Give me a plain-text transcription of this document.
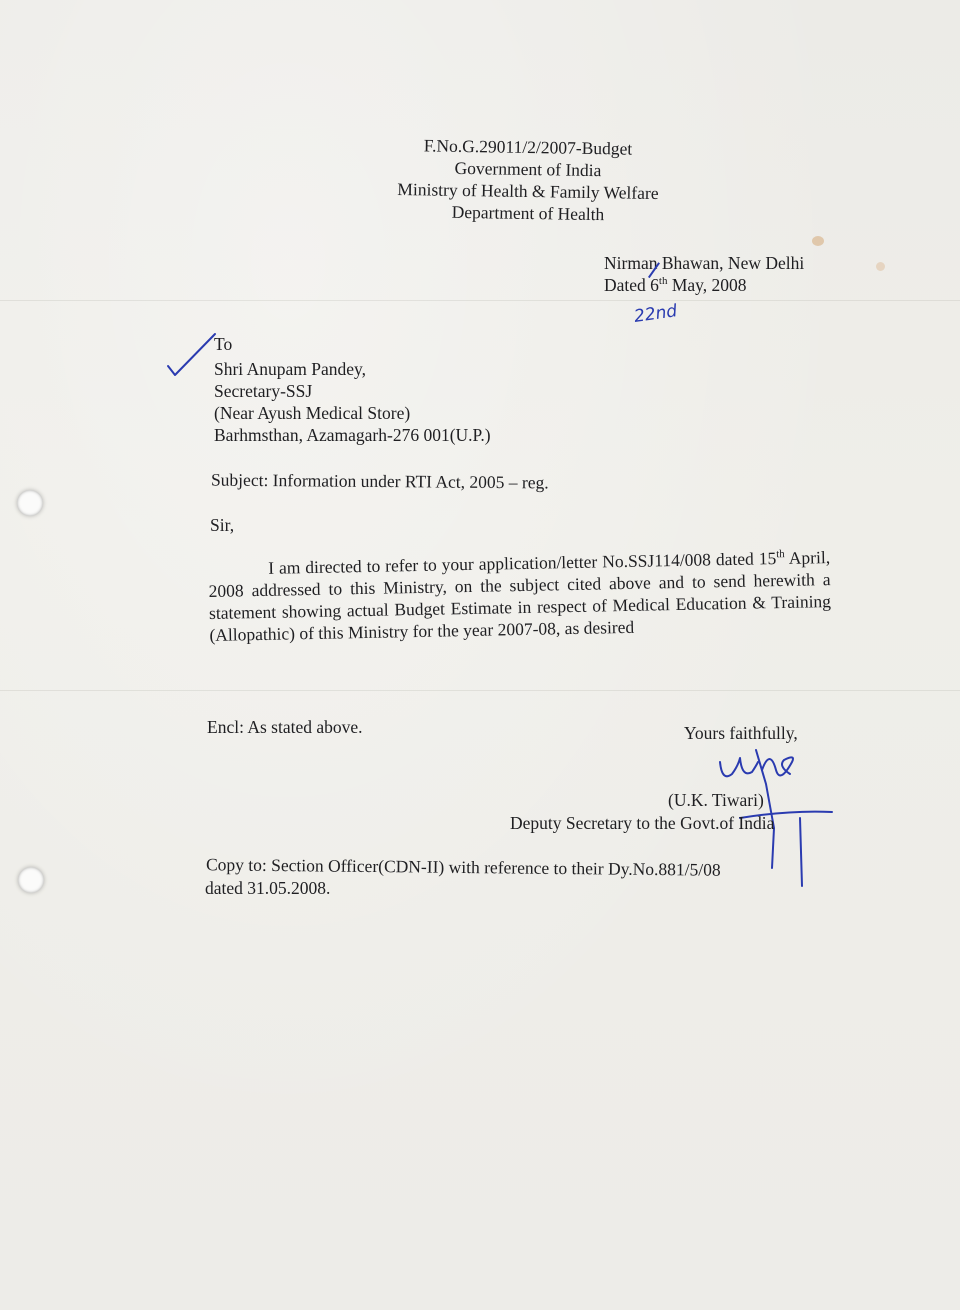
F.No.G.29011/2/2007-Budget
Government of India
Ministry of Health & Family Welfare
Department of Health
Nirman Bhawan, New Delhi
Dated 6th May, 2008
22nd
To
Shri Anupam Pandey,
Secretary-SSJ
(Near Ayush Medical Store)
Barhmsthan, Azamagarh-276 001(U.P.)
Subject: Information under RTI Act, 2005 – reg.
Sir,
I am directed to refer to your application/letter No.SSJ114/008 dated 15th April, 2008 addressed to this Ministry, on the subject cited above and to send herewith a statement showing actual Budget Estimate in respect of Medical Education & Training (Allopathic) of this Ministry for the year 2007-08, as desired
Encl: As stated above.	Yours faithfully,
(U.K. Tiwari)
Deputy Secretary to the Govt.of India
Copy to: Section Officer(CDN-II) with reference to their Dy.No.881/5/08
dated 31.05.2008.
